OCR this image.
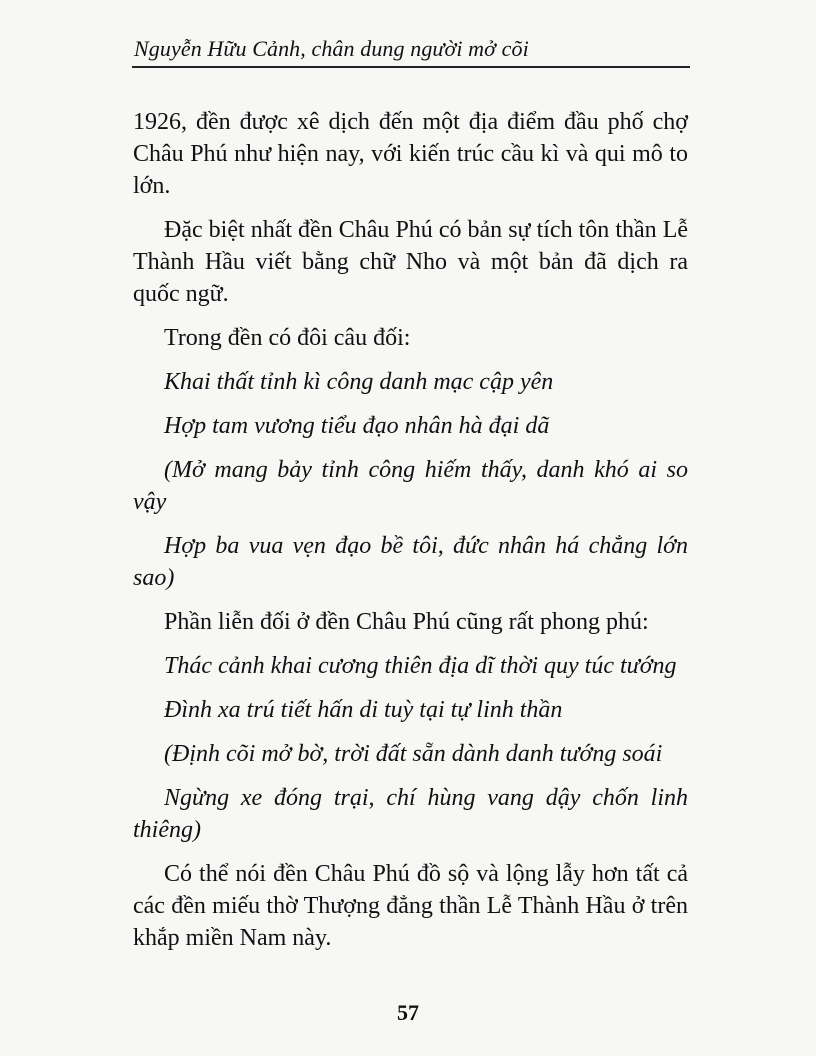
Nguyễn Hữu Cảnh, chân dung người mở cõi

1926, đền được xê dịch đến một địa điểm đầu phố chợ Châu Phú như hiện nay, với kiến trúc cầu kì và qui mô to lớn.

Đặc biệt nhất đền Châu Phú có bản sự tích tôn thần Lễ Thành Hầu viết bằng chữ Nho và một bản đã dịch ra quốc ngữ.

Trong đền có đôi câu đối:

Khai thất tỉnh kì công danh mạc cập yên

Hợp tam vương tiểu đạo nhân hà đại dã

(Mở mang bảy tỉnh công hiếm thấy, danh khó ai so vậy

Hợp ba vua vẹn đạo bề tôi, đức nhân há chẳng lớn sao)

Phần liễn đối ở đền Châu Phú cũng rất phong phú:

Thác cảnh khai cương thiên địa dĩ thời quy túc tướng

Đình xa trú tiết hấn di tuỳ tại tự linh thần

(Định cõi mở bờ, trời đất sẵn dành danh tướng soái

Ngừng xe đóng trại, chí hùng vang dậy chốn linh thiêng)

Có thể nói đền Châu Phú đồ sộ và lộng lẫy hơn tất cả các đền miếu thờ Thượng đẳng thần Lễ Thành Hầu ở trên khắp miền Nam này.

57
